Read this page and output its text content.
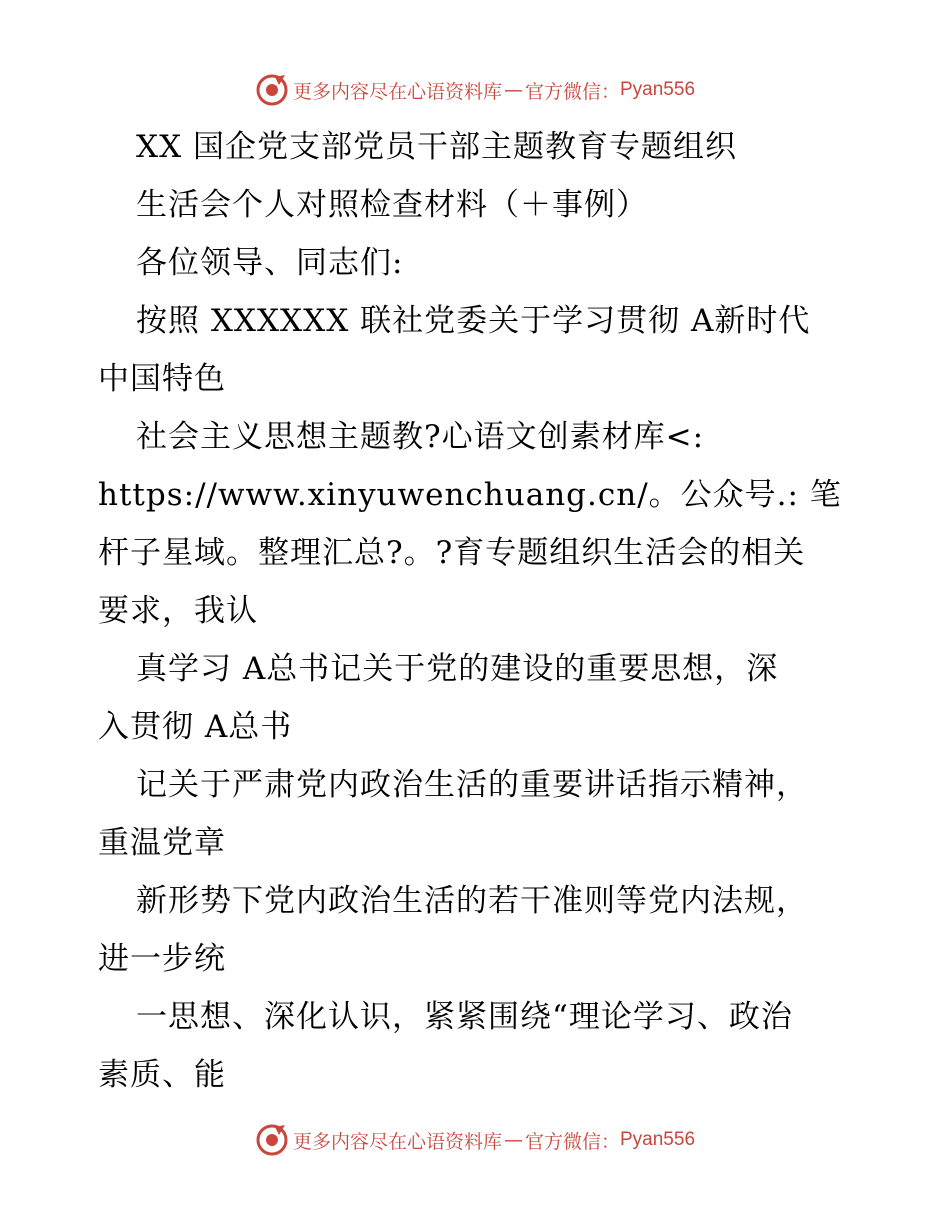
更多内容尽在心语资料库 — 官方微信： Pyan556
XX 国企党支部党员干部主题教育专题组织
生活会个人对照检查材料（＋事例）
各位领导、同志们:
按照 XXXXXX 联社党委关于学习贯彻 A新时代
中国特色
社会主义思想主题教?心语文创素材库<:
https://www.xinyuwenchuang.cn/。公众号.: 笔
杆子星域。整理汇总?。?育专题组织生活会的相关
要求，我认
真学习 A总书记关于党的建设的重要思想，深
入贯彻 A总书
记关于严肃党内政治生活的重要讲话指示精神，
重温党章
新形势下党内政治生活的若干准则等党内法规，
进一步统
一思想、深化认识，紧紧围绕“理论学习、政治
素质、能
更多内容尽在心语资料库 — 官方微信： Pyan556
